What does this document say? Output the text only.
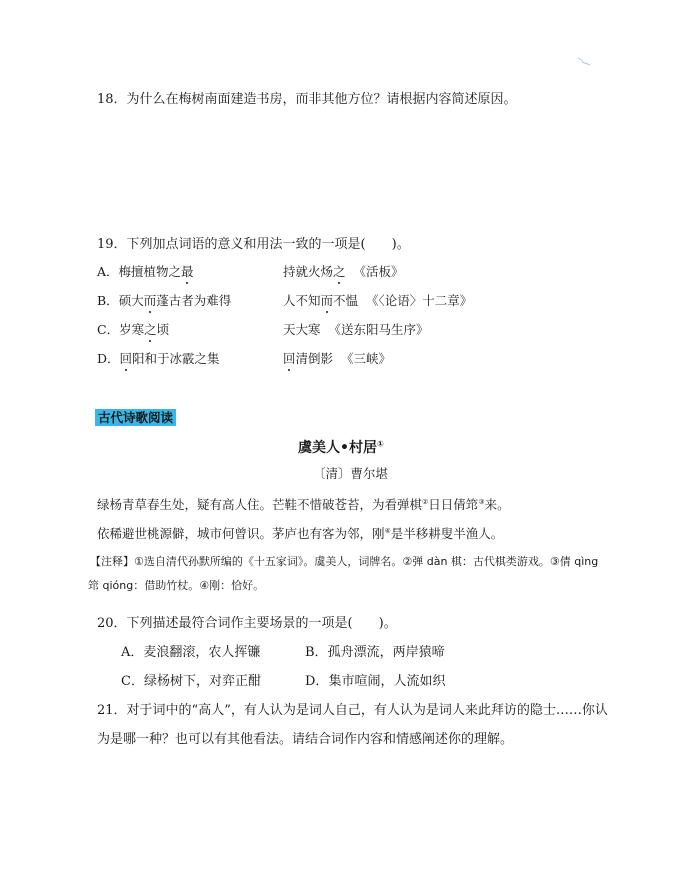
18．为什么在梅树南面建造书房，而非其他方位？请根据内容简述原因。
19．下列加点词语的意义和用法一致的一项是(　　)。
A．梅擅植物之最	持就火炀之 《活板》
B．硕大而蓬古者为难得	人不知而不愠 《〈论语〉十二章》
C．岁寒之顷	天大寒 《送东阳马生序》
D．回阳和于冰霰之集	回清倒影 《三峡》
古代诗歌阅读
虞美人•村居①
〔清〕曹尔堪
绿杨青草春生处，疑有高人住。芒鞋不惜破苍苔，为看弹棋②日日倩筇③来。
依稀避世桃源僻，城市何曾识。茅庐也有客为邻，刚④是半移耕叟半渔人。
【注释】①选自清代孙默所编的《十五家词》。虞美人，词牌名。②弹 dàn 棋：古代棋类游戏。③倩 qìng
筇 qióng：借助竹杖。④刚：恰好。
20．下列描述最符合词作主要场景的一项是(　　)。
A．麦浪翻滚，农人挥镰	B．孤舟漂流，两岸猿啼
C．绿杨树下，对弈正酣	D．集市喧闹，人流如织
21．对于词中的“高人”，有人认为是词人自己，有人认为是词人来此拜访的隐士……你认
为是哪一种？也可以有其他看法。请结合词作内容和情感阐述你的理解。
